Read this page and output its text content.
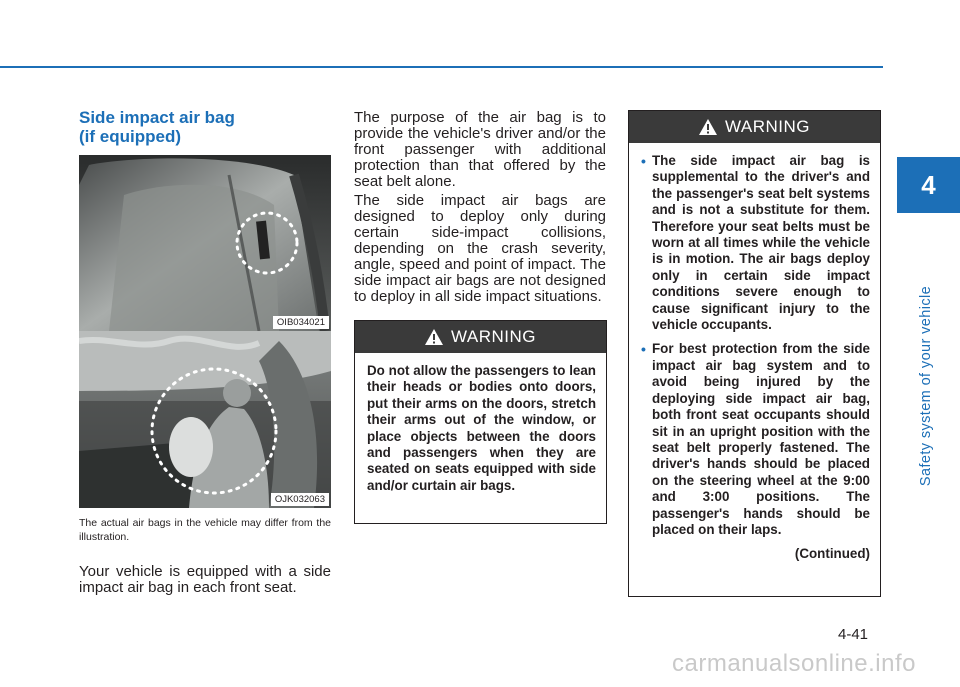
4
Safety system of your vehicle
Side impact air bag
(if equipped)
OIB034021
OJK032063
The actual air bags in the vehicle may differ from the illustration.

Your vehicle is equipped with a side impact air bag in each front seat.

The purpose of the air bag is to provide the vehicle's driver and/or the front passenger with additional protection than that offered by the seat belt alone.

The side impact air bags are designed to deploy only during certain side-impact collisions, depending on the crash severity, angle, speed and point of impact. The side impact air bags are not designed to deploy in all side impact situations.

WARNING
Do not allow the passengers to lean their heads or bodies onto doors, put their arms on the doors, stretch their arms out of the window, or place objects between the doors and passengers when they are seated on seats equipped with side and/or curtain air bags.
WARNING
• The side impact air bag is supplemental to the driver's and the passenger's seat belt systems and is not a substitute for them. Therefore your seat belts must be worn at all times while the vehicle is in motion. The air bags deploy only in certain side impact conditions severe enough to cause significant injury to the vehicle occupants.
• For best protection from the side impact air bag system and to avoid being injured by the deploying side impact air bag, both front seat occupants should sit in an upright position with the seat belt properly fastened. The driver's hands should be placed on the steering wheel at the 9:00 and 3:00 positions. The passenger's hands should be placed on their laps.
(Continued)
4-41
carmanualsonline.info
